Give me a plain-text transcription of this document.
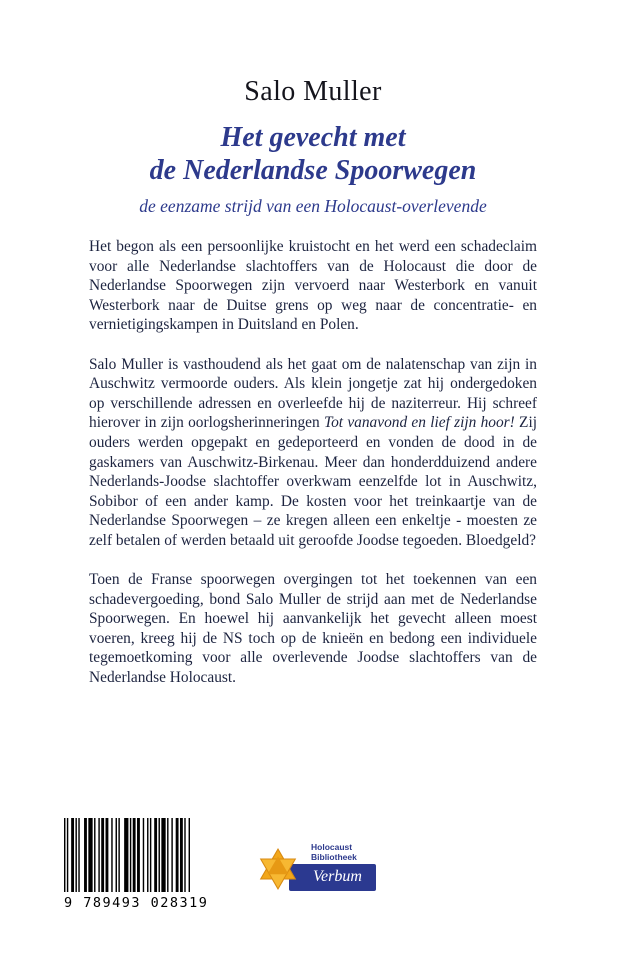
Salo Muller
Het gevecht met
de Nederlandse Spoorwegen
de eenzame strijd van een Holocaust-overlevende

Het begon als een persoonlijke kruistocht en het werd een schadeclaim voor alle Nederlandse slachtoffers van de Holocaust die door de Nederlandse Spoorwegen zijn vervoerd naar Westerbork en vanuit Westerbork naar de Duitse grens op weg naar de concentratie- en vernietigingskampen in Duitsland en Polen.

Salo Muller is vasthoudend als het gaat om de nalatenschap van zijn in Auschwitz vermoorde ouders. Als klein jongetje zat hij ondergedoken op verschillende adressen en overleefde hij de naziterreur. Hij schreef hierover in zijn oorlogsherinneringen Tot vanavond en lief zijn hoor! Zij ouders werden opgepakt en gedeporteerd en vonden de dood in de gaskamers van Auschwitz-Birkenau. Meer dan honderdduizend andere Nederlands-Joodse slachtoffer overkwam eenzelfde lot in Auschwitz, Sobibor of een ander kamp. De kosten voor het treinkaartje van de Nederlandse Spoorwegen – ze kregen alleen een enkeltje - moesten ze zelf betalen of werden betaald uit geroofde Joodse tegoeden. Bloedgeld?

Toen de Franse spoorwegen overgingen tot het toekennen van een schadevergoeding, bond Salo Muller de strijd aan met de Nederlandse Spoorwegen. En hoewel hij aanvankelijk het gevecht alleen moest voeren, kreeg hij de NS toch op de knieën en bedong een individuele tegemoetkoming voor alle overlevende Joodse slachtoffers van de Nederlandse Holocaust.

9 789493 028319
Holocaust
Bibliotheek
Verbum
